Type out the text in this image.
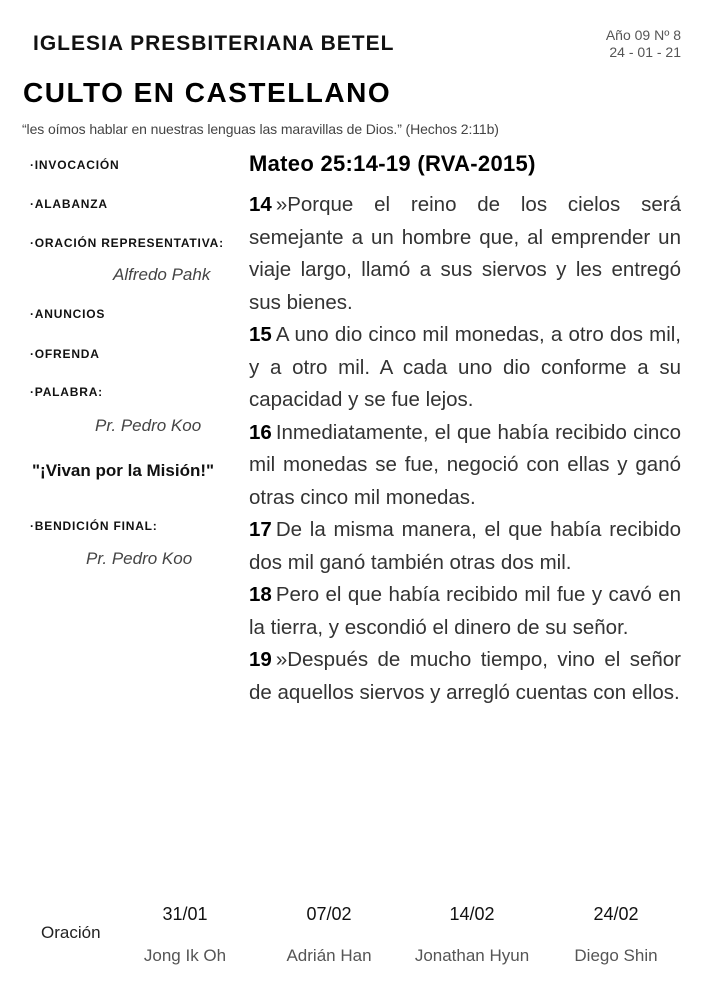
IGLESIA PRESBITERIANA BETEL	Año 09 Nº 8
24 - 01 - 21
CULTO EN CASTELLANO
“les oímos hablar en nuestras lenguas las maravillas de Dios.” (Hechos 2:11b)
·INVOCACIÓN
·ALABANZA
·ORACIÓN REPRESENTATIVA:
Alfredo Pahk
·ANUNCIOS
·OFRENDA
·PALABRA:
Pr. Pedro Koo
"¡Vivan por la Misión!"
·BENDICIÓN FINAL:
Pr. Pedro Koo
Mateo 25:14-19 (RVA-2015)

14 »Porque el reino de los cielos será semejante a un hombre que, al emprender un viaje largo, llamó a sus siervos y les entregó sus bienes.
15 A uno dio cinco mil monedas, a otro dos mil, y a otro mil. A cada uno dio conforme a su capacidad y se fue lejos.
16 Inmediatamente, el que había recibido cinco mil monedas se fue, negoció con ellas y ganó otras cinco mil monedas.
17 De la misma manera, el que había recibido dos mil ganó también otras dos mil.
18 Pero el que había recibido mil fue y cavó en la tierra, y escondió el dinero de su señor.
19 »Después de mucho tiempo, vino el señor de aquellos siervos y arregló cuentas con ellos.

Oración
31/01
Jong Ik Oh
07/02
Adrián Han
14/02
Jonathan Hyun
24/02
Diego Shin
